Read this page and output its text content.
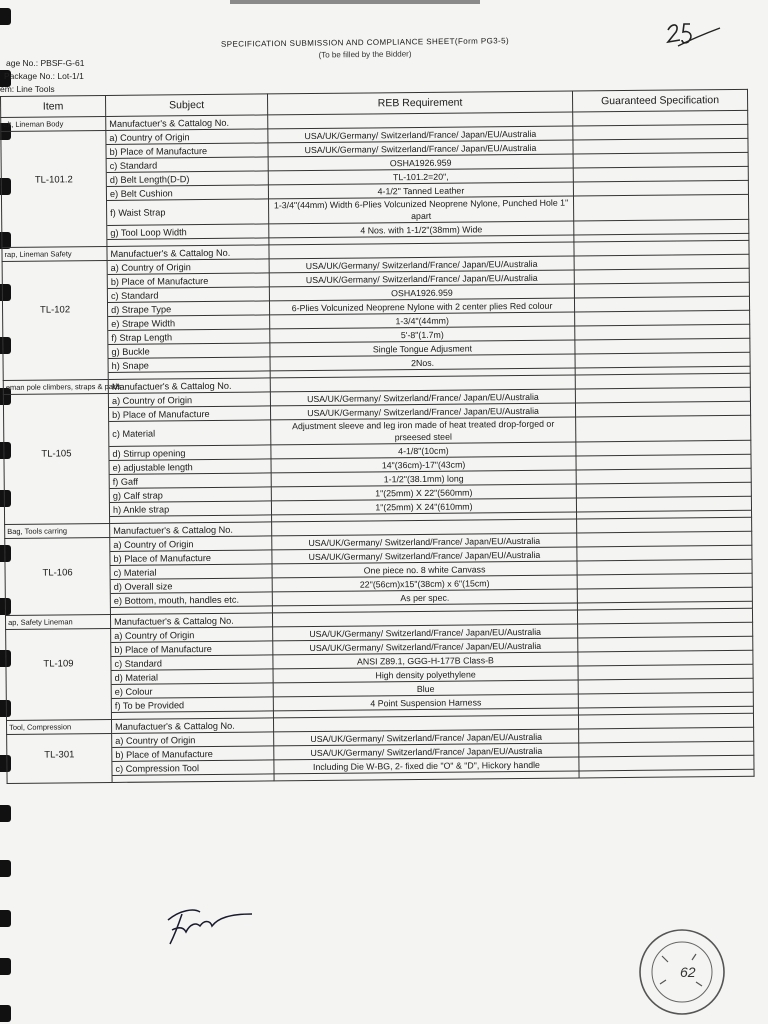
SPECIFICATION SUBMISSION AND COMPLIANCE SHEET(Form PG3-5)
(To be filled by the Bidder)
age No.: PBSF-G-61
Package No.: Lot-1/1
em: Line Tools
Item	Subject	REB Requirement	Guaranteed Specification
elt, Lineman Body	Manufactuer's & Cattalog No.		
	a) Country of Origin	USA/UK/Germany/ Switzerland/France/ Japan/EU/Australia	
	b) Place of Manufacture	USA/UK/Germany/ Switzerland/France/ Japan/EU/Australia	
	c) Standard	OSHA1926.959	
TL-101.2	d) Belt Length(D-D)	TL-101.2=20",	
	e) Belt Cushion	4-1/2" Tanned Leather	
	f) Waist Strap	1-3/4"(44mm) Width 6-Plies Volcunized Neoprene Nylone, Punched Hole 1" apart	
	g) Tool Loop Width	4 Nos. with 1-1/2"(38mm) Wide	

rap, Lineman Safety	Manufactuer's & Cattalog No.		
	a) Country of Origin	USA/UK/Germany/ Switzerland/France/ Japan/EU/Australia	
	b) Place of Manufacture	USA/UK/Germany/ Switzerland/France/ Japan/EU/Australia	
	c) Standard	OSHA1926.959	
TL-102	d) Strape Type	6-Plies Volcunized Neoprene Nylone with 2 center plies Red colour	
	e) Strape Width	1-3/4"(44mm)	
	f) Strap Length	5'-8"(1.7m)	
	g) Buckle	Single Tongue Adjusment	
	h) Snape	2Nos.	

eman pole climbers, straps & pads	Manufactuer's & Cattalog No.		
	a) Country of Origin	USA/UK/Germany/ Switzerland/France/ Japan/EU/Australia	
	b) Place of Manufacture	USA/UK/Germany/ Switzerland/France/ Japan/EU/Australia	
	c) Material	Adjustment sleeve and leg iron made of heat treated drop-forged or prseesed steel	
TL-105	d) Stirrup opening	4-1/8"(10cm)	
	e) adjustable length	14"(36cm)-17"(43cm)	
	f) Gaff	1-1/2"(38.1mm) long	
	g) Calf strap	1"(25mm) X 22"(560mm)	
	h) Ankle strap	1"(25mm) X 24"(610mm)	

Bag, Tools carring	Manufactuer's & Cattalog No.		
	a) Country of Origin	USA/UK/Germany/ Switzerland/France/ Japan/EU/Australia	
	b) Place of Manufacture	USA/UK/Germany/ Switzerland/France/ Japan/EU/Australia	
TL-106	c) Material	One piece no. 8 white Canvass	
	d) Overall size	22"(56cm)x15"(38cm) x 6"(15cm)	
	e) Bottom, mouth, handles etc.	As per spec.	

ap, Safety Lineman	Manufactuer's & Cattalog No.		
	a) Country of Origin	USA/UK/Germany/ Switzerland/France/ Japan/EU/Australia	
	b) Place of Manufacture	USA/UK/Germany/ Switzerland/France/ Japan/EU/Australia	
TL-109	c) Standard	ANSI Z89.1, GGG-H-177B Class-B	
	d) Material	High density polyethylene	
	e) Colour	Blue	
	f) To be Provided	4 Point Suspension Harness	

Tool, Compression	Manufactuer's & Cattalog No.		
	a) Country of Origin	USA/UK/Germany/ Switzerland/France/ Japan/EU/Australia	
TL-301	b) Place of Manufacture	USA/UK/Germany/ Switzerland/France/ Japan/EU/Australia	
	c) Compression Tool	Including Die W-BG, 2- fixed die "O" & "D", Hickory handle	

62
